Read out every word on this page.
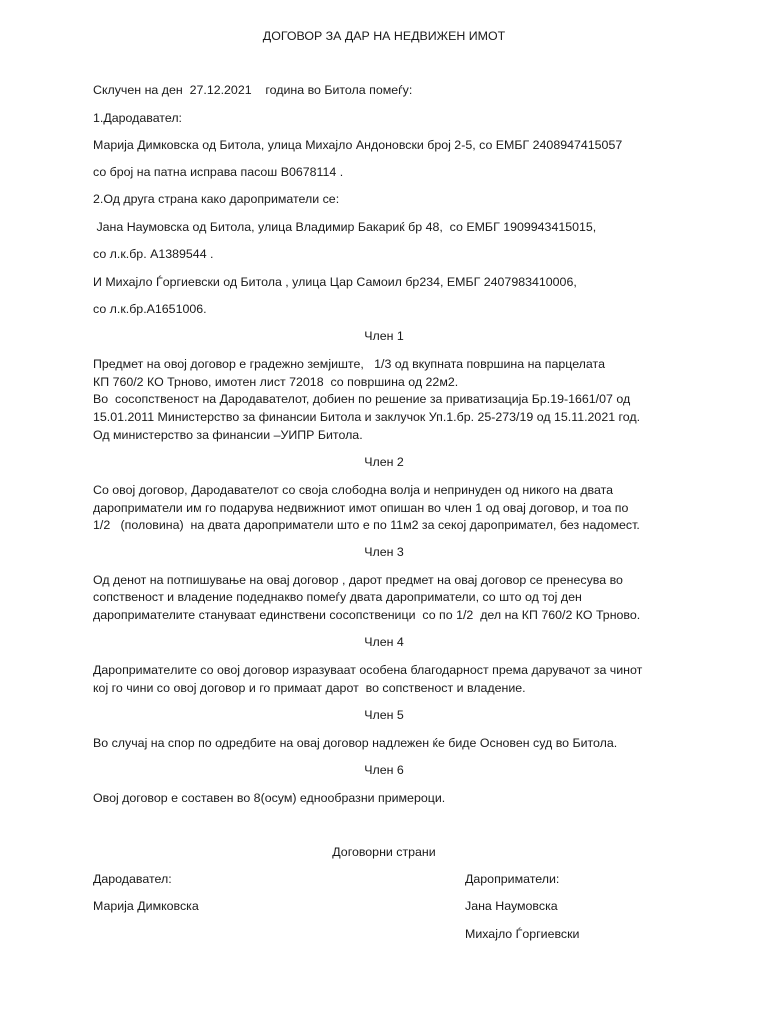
ДОГОВОР ЗА ДАР НА НЕДВИЖЕН ИМОТ
Склучен на ден  27.12.2021    година во Битола помеѓу:
1.Дародавател:
Марија Димковска од Битола, улица Михајло Андоновски број 2-5, со ЕМБГ 2408947415057
со број на патна исправа пасош B0678114 .
2.Од друга страна како дароприматели се:
Јана Наумовска од Битола, улица Владимир Бакариќ бр 48,  со ЕМБГ 1909943415015,
со л.к.бр. А1389544 .
И Михајло Ѓоргиевски од Битола , улица Цар Самоил бр234, ЕМБГ 2407983410006,
со л.к.бр.А1651006.
Член 1
Предмет на овој договор е градежно земјиште,   1/3 од вкупната површина на парцелата
КП 760/2 КО Трново, имотен лист 72018  со површина од 22м2.
Во  сосопственост на Дародавателот, добиен по решение за приватизација Бр.19-1661/07 од
15.01.2011 Министерство за финансии Битола и заклучок Уп.1.бр. 25-273/19 од 15.11.2021 год.
Од министерство за финансии –УИПР Битола.
Член 2
Со овој договор, Дародавателот со своја слободна волја и непринуден од никого на двата
дароприматели им го подарува недвижниот имот опишан во член 1 од овај договор, и тоа по
1/2   (половина)  на двата дароприматели што е по 11м2 за секој дароприматeл, без надомест.
Член 3
Од денот на потпишување на овај договор , дарот предмет на овај договор се пренесува во
сопственост и владение подеднакво помеѓу двата дароприматели, со што од тој ден
дарoпримателите стануваат единствени сосопственици  со по 1/2  дел на КП 760/2 КО Трново.
Член 4
Дароприматeлите со овој договор изразуваат особена благодарност према дарувачот за чинот
кој го чини со овој договор и го примаат дарот  во сопственост и владение.
Член 5
Во случај на спор по одредбите на овај договор надлежен ќе биде Основен суд во Битола.
Член 6
Овој договор е составен во 8(осум) еднообразни примероци.
Договорни страни
Дародавател:	Дароприматели:
Марија Димковска	Јана Наумовска
Михајло Ѓоргиевски
